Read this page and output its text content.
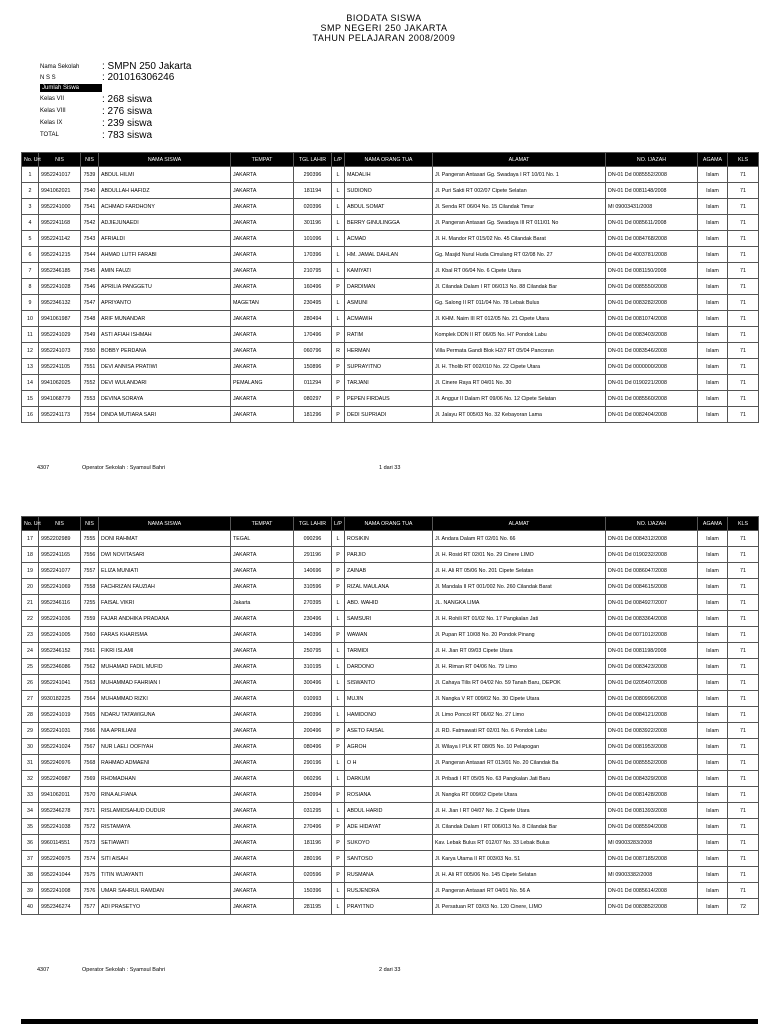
BIODATA SISWA
SMP NEGERI 250 JAKARTA
TAHUN PELAJARAN 2008/2009
Nama Sekolah	: SMPN 250 Jakarta
N S S	: 201016306246
Jumlah Siswa
Kelas VII	: 268 siswa
Kelas VIII	: 276 siswa
Kelas IX	: 239 siswa
TOTAL	: 783 siswa
No. Urt	NIS	NIS	NAMA SISWA	TEMPAT	TGL LAHIR	L/P	NAMA ORANG TUA	ALAMAT	NO. IJAZAH	AGAMA	KLS
1	9952241017	7539	ABDUL HILMI	JAKARTA	290396	L	MADALIH	Jl. Pangeran Antasari Gg. Swadaya I RT 10/01 No. 1	DN-01 Dd 0085552/2008	Islam	71
2	9941062021	7540	ABDULLAH HAFIDZ	JAKARTA	181194	L	SUDIONO	Jl. Puri Sakti RT 002/07 Cipete Selatan	DN-01 Dd 0081148/2008	Islam	71
3	9952241000	7541	ACHMAD FARDHONY	JAKARTA	020396	L	ABDUL SOMAT	Jl. Senda RT 06/04 No. 15 Cilandak Timur	MI 09003431/2008	Islam	71
4	9952241168	7542	ADJIEJUNAEDI	JAKARTA	301196	L	BERRY GINULINGGA	Jl. Pangeran Antasari Gg. Swadaya III RT 011/01 No	DN-01 Dd 0085611/2008	Islam	71
5	9952241142	7543	AFRIALDI	JAKARTA	101096	L	ACMAD	Jl. H. Mandor RT 015/02 No. 45 Cilandak Barat	DN-01 Dd 0084768/2008	Islam	71
6	9952241215	7544	AHMAD LUTFI FARABI	JAKARTA	170396	L	HM. JAMAL DAHLAN	Gg. Masjid Nurul Huda Cimulang RT 02/08 No. 27	DN-01 Dd 4003781/2008	Islam	71
7	9952346185	7545	AMIN FAUZI	JAKARTA	210795	L	KAMIYATI	Jl. Kbal RT 06/04 No. 6 Cipete Utara	DN-01 Dd 0081150/2008	Islam	71
8	9952241028	7546	APRILIA PANGGETU	JAKARTA	160496	P	DARDIMAN	Jl. Cilandak Dalam I RT 06/013 No. 88 Cilandak Bar	DN-01 Dd 0085550/2008	Islam	71
9	9952346132	7547	APRIYANTO	MAGETAN	230495	L	ASMUNI	Gg. Salong II RT 011/04 No. 78 Lebak Bulus	DN-01 Dd 0083282/2008	Islam	71
10	9941061987	7548	ARIF MUNANDAR	JAKARTA	280494	L	ACMAWIH	Jl. KHM. Naim III RT 012/05 No. 21 Cipete Utara	DN-01 Dd 0081074/2008	Islam	71
11	9952241029	7549	ASTI AFIAH ISHMAH	JAKARTA	170496	P	RATIM	Komplek DDN II RT 06/05 No. H7 Pondok Labu	DN-01 Dd 0083403/2008	Islam	71
12	9952241073	7550	BOBBY PERDANA	JAKARTA	060796	R	HERMAN	Villa Permata Gandi Blok H2/7 RT 05/04 Pancoran	DN-01 Dd 0083546/2008	Islam	71
13	9952241105	7551	DEVI ANNISA PRATIWI	JAKARTA	150896	P	SUPRAYITNO	Jl. H. Tholib RT 002/010 No. 22 Cipete Utara	DN-01 Dd 0000000/2008	Islam	71
14	9941062025	7552	DEVI WULANDARI	PEMALANG	011294	P	TARJANI	Jl. Cinere Raya RT 04/01 No. 30	DN-01 Dd 0190221/2008	Islam	71
15	9941068779	7553	DEVINA SORAYA	JAKARTA	080297	P	PEPEN FIRDAUS	Jl. Anggur II Dalam RT 09/06 No. 12 Cipete Selatan	DN-01 Dd 0085560/2008	Islam	71
16	9952241173	7554	DINDA MUTIARA SARI	JAKARTA	181296	P	DEDI SUPRIADI	Jl. Jalayu RT 005/03 No. 32 Kebayoran Lama	DN-01 Dd 0082404/2008	Islam	71
4307	Operator Sekolah : Syamsul Bahri	1 dari 33
No. Urt	NIS	NIS	NAMA SISWA	TEMPAT	TGL LAHIR	L/P	NAMA ORANG TUA	ALAMAT	NO. IJAZAH	AGAMA	KLS
17	9952202989	7555	DONI RAHMAT	TEGAL	090296	L	ROSIKIN	Jl. Andara Dalam RT 02/01 No. 66	DN-01 Dd 0084312/2008	Islam	71
18	9952241165	7556	DWI NOVITASARI	JAKARTA	291196	P	PARJIO	Jl. H. Rosid RT 02/01 No. 29 Cinere LIMO	DN-01 Dd 0190232/2008	Islam	71
19	9952241077	7557	ELIZA MUNIATI	JAKARTA	140696	P	ZAINAB	Jl. H. Ali RT 05/06 No. 201 Cipete Selatan	DN-01 Dd 0086047/2008	Islam	71
20	9952241069	7558	FACHRIZAN FAUZIAH	JAKARTA	310596	P	RIZAL MAULANA	Jl. Mandala II RT 001/002 No. 260 Cilandak Barat	DN-01 Dd 0084615/2008	Islam	71
21	9952346116	7255	FAISAL VIKRI	Jakarta	270395	L	ABD. WAHID	JL. NANGKA LIMA	DN-01 Dd 0084927/2007	Islam	71
22	9952241036	7559	FAJAR ANDHIKA PRADANA	JAKARTA	230496	L	SAMSURI	Jl. H. Rohili RT 01/02 No. 17 Pangkalan Jati	DN-01 Dd 0083364/2008	Islam	71
23	9952241005	7560	FARAS KHARISMA	JAKARTA	140396	P	WAWAN	Jl. Pupan RT 10/08 No. 20 Pondok Pinang	DN-01 Dd 0071012/2008	Islam	71
24	9952346152	7561	FIKRI ISLAMI	JAKARTA	250795	L	TARMIDI	Jl. H. Jian RT 09/03 Cipete Utara	DN-01 Dd 0081198/2008	Islam	71
25	9952346086	7562	MUHAMAD FADIL MUFID	JAKARTA	310195	L	DARDONO	Jl. H. Riman RT 04/06 No. 79 Limo	DN-01 Dd 0083423/2008	Islam	71
26	9952241041	7563	MUHAMMAD FAHRIAN I	JAKARTA	300496	L	SISWANTO	Jl. Cahaya Tilis RT 04/02 No. 59 Tanah Baru, DEPOK	DN-01 Dd 0205407/2008	Islam	71
27	9930182225	7564	MUHAMMAD RIZKI	JAKARTA	010993	L	MUJIN	Jl. Nangka V RT 009/02 No. 30 Cipete Utara	DN-01 Dd 0080996/2008	Islam	71
28	9952241019	7565	NDARU TATAWIGUNA	JAKARTA	290396	L	HAMIDONO	Jl. Limo Poncol RT 06/02 No. 27 Limo	DN-01 Dd 0084121/2008	Islam	71
29	9952241031	7566	NIA APRILIANI	JAKARTA	200496	P	ASETO FAISAL	Jl. RD. Fatmawati RT 02/01 No. 6 Pondok Labu	DN-01 Dd 0083922/2008	Islam	71
30	9952241024	7567	NUR LAELI OOFIYAH	JAKARTA	080496	P	AGROH	Jl. Wilaya I PLK RT 08/05 No. 10 Pelapogan	DN-01 Dd 0081953/2008	Islam	71
31	9952240976	7568	RAHMAD ADMAENI	JAKARTA	290196	L	O H	Jl. Pangeran Antasari RT 013/01 No. 20 Cilandak Ba	DN-01 Dd 0085552/2008	Islam	71
32	9952240987	7569	RHOMADHAN	JAKARTA	060296	L	DARKUM	Jl. Pribadi I RT 05/05 No. 63 Pangkalan Jati Baru	DN-01 Dd 0084329/2008	Islam	71
33	9941062011	7570	RINA ALFIANA	JAKARTA	250994	P	ROSIANA	Jl. Nangka RT 009/02 Cipete Utara	DN-01 Dd 0081428/2008	Islam	71
34	9952346278	7571	RISLAMIDSAHUD DUDUR	JAKARTA	031295	L	ABDUL HARID	Jl. H. Jian I RT 04/07 No. 2 Cipete Utara	DN-01 Dd 0081393/2008	Islam	71
35	9952241038	7572	RISTAMAYA	JAKARTA	270496	P	ADE HIDAYAT	Jl. Cilandak Dalam I RT 006/013 No. 8 Cilandak Bar	DN-01 Dd 0085594/2008	Islam	71
36	9960114551	7573	SETIAWATI	JAKARTA	181196	P	SUKOYO	Kav. Lebak Bulus RT 012/07 No. 33 Lebak Bulus	MI 09003283/2008	Islam	71
37	9952240975	7574	SITI AISAH	JAKARTA	280196	P	SANTOSO	Jl. Karya Utama II RT 003/03 No. 51	DN-01 Dd 0087185/2008	Islam	71
38	9952241044	7575	TITIN WIJAYANTI	JAKARTA	020596	P	RUSMANA	Jl. H. Ali RT 005/06 No. 145 Cipete Selatan	MI 09003382/2008	Islam	71
39	9952241008	7576	UMAR SAHRUL RAMDAN	JAKARTA	150396	L	RUSJENDRA	Jl. Pangeran Antasari RT 04/01 No. 56 A	DN-01 Dd 0085614/2008	Islam	71
40	9952346274	7577	ADI PRASETYO	JAKARTA	281195	L	PRAYITNO	Jl. Persatuan RT 03/03 No. 120 Cinere, LIMO	DN-01 Dd 0083852/2008	Islam	72
4307	Operator Sekolah : Syamsul Bahri	2 dari 33
